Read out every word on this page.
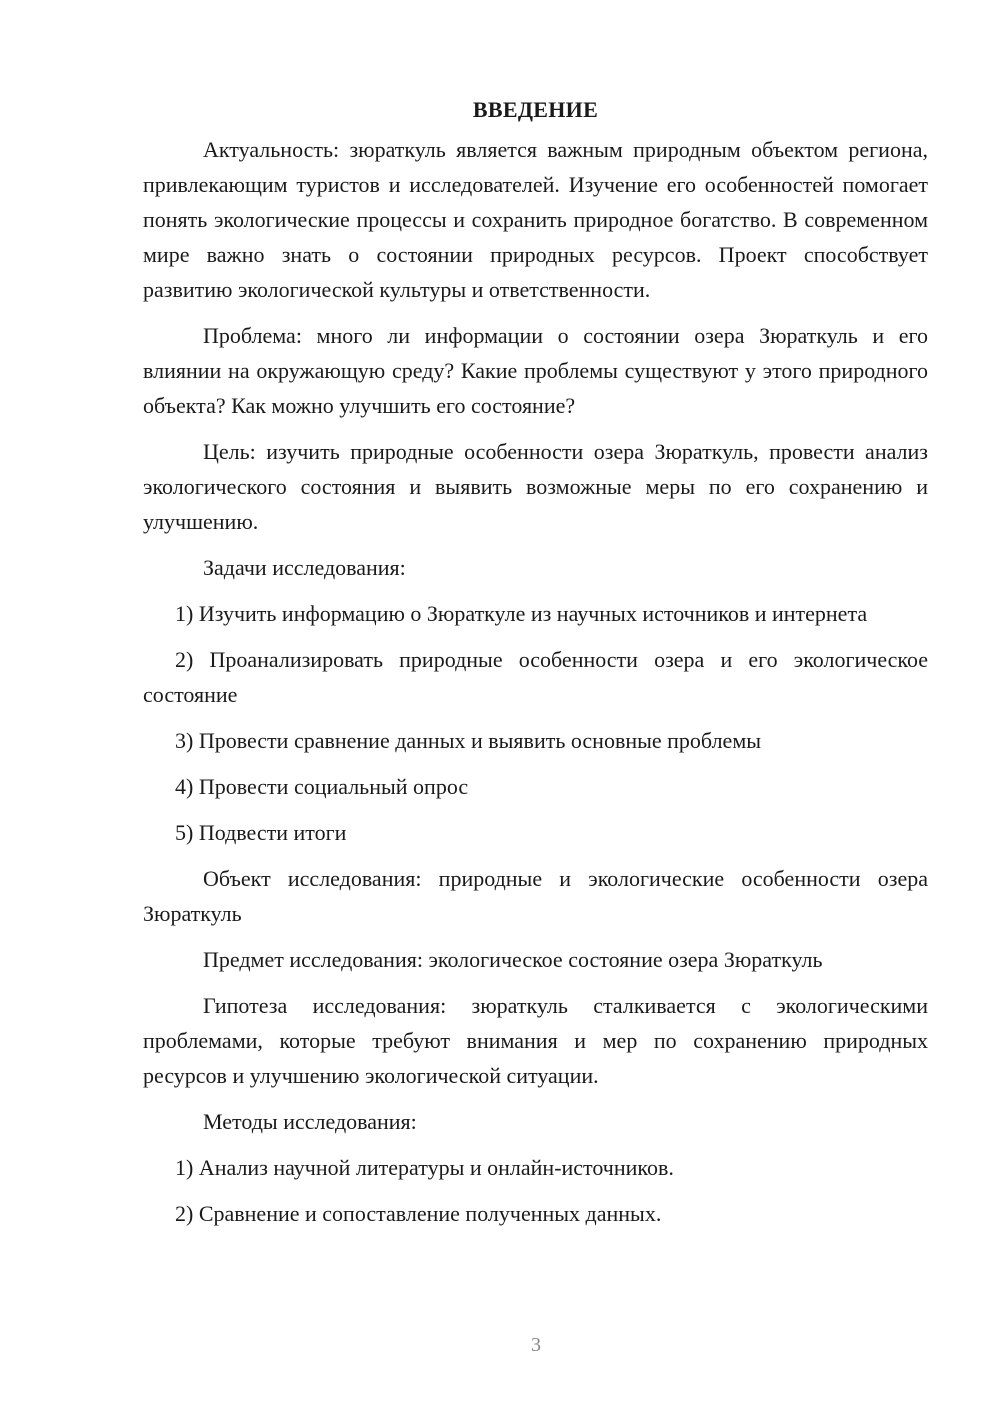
ВВЕДЕНИЕ

Актуальность: зюраткуль является важным природным объектом региона, привлекающим туристов и исследователей. Изучение его особенностей помогает понять экологические процессы и сохранить природное богатство. В современном мире важно знать о состоянии природных ресурсов. Проект способствует развитию экологической культуры и ответственности.

Проблема: много ли информации о состоянии озера Зюраткуль и его влиянии на окружающую среду? Какие проблемы существуют у этого природного объекта? Как можно улучшить его состояние?

Цель: изучить природные особенности озера Зюраткуль, провести анализ экологического состояния и выявить возможные меры по его сохранению и улучшению.

Задачи исследования:

1) Изучить информацию о Зюраткуле из научных источников и интернета

2) Проанализировать природные особенности озера и его экологическое состояние

3) Провести сравнение данных и выявить основные проблемы

4) Провести социальный опрос

5) Подвести итоги

Объект исследования: природные и экологические особенности озера Зюраткуль

Предмет исследования: экологическое состояние озера Зюраткуль

Гипотеза исследования: зюраткуль сталкивается с экологическими проблемами, которые требуют внимания и мер по сохранению природных ресурсов и улучшению экологической ситуации.

Методы исследования:

1) Анализ научной литературы и онлайн-источников.

2) Сравнение и сопоставление полученных данных.

3
